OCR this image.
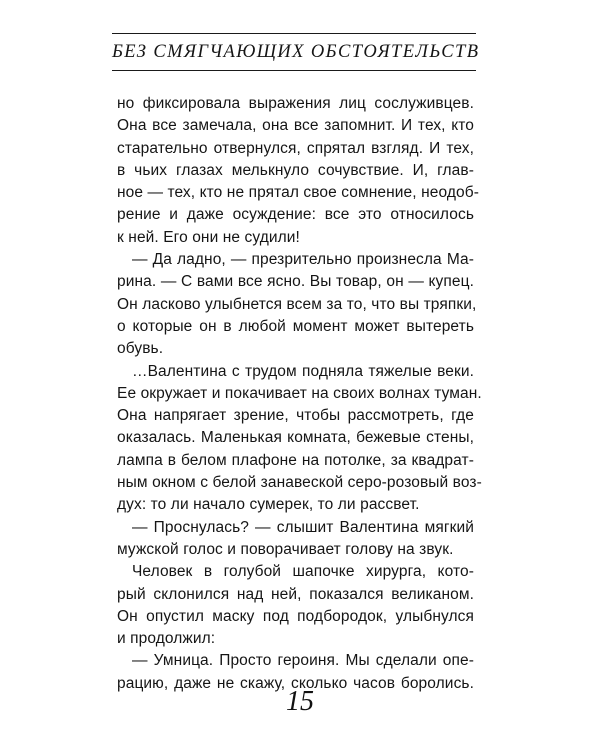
БЕЗ СМЯГЧАЮЩИХ ОБСТОЯТЕЛЬСТВ
но фиксировала выражения лиц сослуживцев.
Она все замечала, она все запомнит. И тех, кто
старательно отвернулся, спрятал взгляд. И тех,
в чьих глазах мелькнуло сочувствие. И, глав-
ное — тех, кто не прятал свое сомнение, неодоб-
рение и даже осуждение: все это относилось
к ней. Его они не судили!
— Да ладно, — презрительно произнесла Ма-
рина. — С вами все ясно. Вы товар, он — купец.
Он ласково улыбнется всем за то, что вы тряпки,
о которые он в любой момент может вытереть
обувь.
…Валентина с трудом подняла тяжелые веки.
Ее окружает и покачивает на своих волнах туман.
Она напрягает зрение, чтобы рассмотреть, где
оказалась. Маленькая комната, бежевые стены,
лампа в белом плафоне на потолке, за квадрат-
ным окном с белой занавеской серо-розовый воз-
дух: то ли начало сумерек, то ли рассвет.
— Проснулась? — слышит Валентина мягкий
мужской голос и поворачивает голову на звук.
Человек в голубой шапочке хирурга, кото-
рый склонился над ней, показался великаном.
Он опустил маску под подбородок, улыбнулся
и продолжил:
— Умница. Просто героиня. Мы сделали опе-
рацию, даже не скажу, сколько часов боролись.
15
